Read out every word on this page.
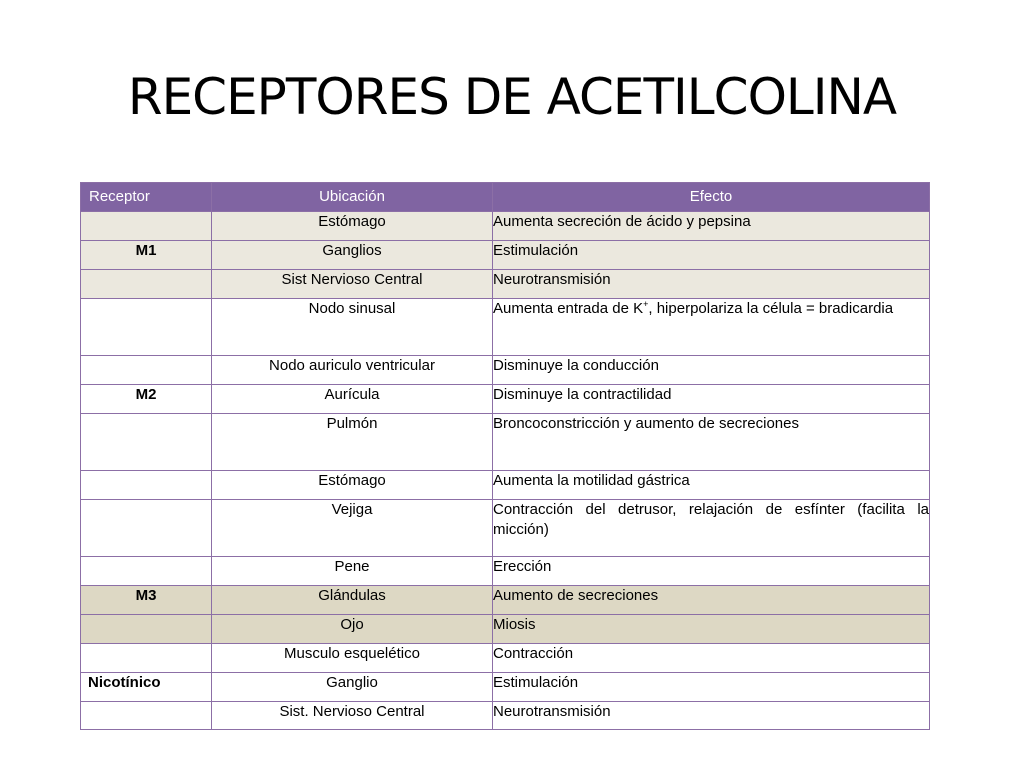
RECEPTORES DE ACETILCOLINA
Receptor	Ubicación	Efecto
	Estómago	Aumenta secreción de ácido y pepsina
M1	Ganglios	Estimulación
	Sist Nervioso Central	Neurotransmisión
	Nodo sinusal	Aumenta entrada de K+, hiperpolariza la célula = bradicardia
	Nodo auriculo ventricular	Disminuye la conducción
M2	Aurícula	Disminuye la contractilidad
	Pulmón	Broncoconstricción y aumento de secreciones
	Estómago	Aumenta la motilidad gástrica
	Vejiga	Contracción del detrusor, relajación de esfínter (facilita la micción)
	Pene	Erección
M3	Glándulas	Aumento de secreciones
	Ojo	Miosis
	Musculo esquelético	Contracción
Nicotínico	Ganglio	Estimulación
	Sist. Nervioso Central	Neurotransmisión
